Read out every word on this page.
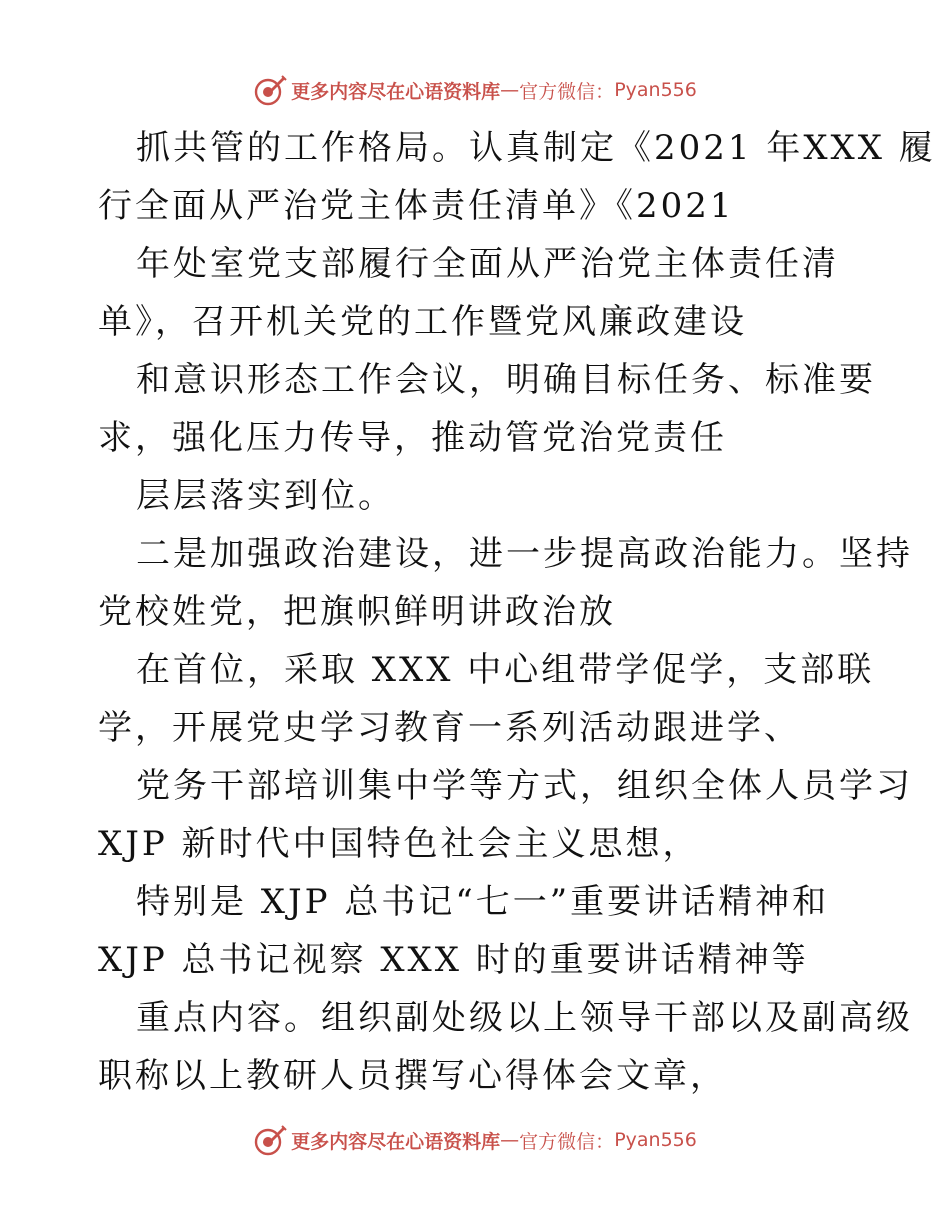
更多内容尽在心语资料库 — 官方微信： Pyan556
抓共管的工作格局。认真制定《2021 年XXX 履
行全面从严治党主体责任清单》《2021
年处室党支部履行全面从严治党主体责任清
单》，召开机关党的工作暨党风廉政建设
和意识形态工作会议，明确目标任务、标准要
求，强化压力传导，推动管党治党责任
层层落实到位。
二是加强政治建设，进一步提高政治能力。坚持
党校姓党，把旗帜鲜明讲政治放
在首位，采取 XXX 中心组带学促学，支部联
学，开展党史学习教育一系列活动跟进学、
党务干部培训集中学等方式，组织全体人员学习
XJP 新时代中国特色社会主义思想，
特别是 XJP 总书记“七一”重要讲话精神和
XJP 总书记视察 XXX 时的重要讲话精神等
重点内容。组织副处级以上领导干部以及副高级
职称以上教研人员撰写心得体会文章，
更多内容尽在心语资料库 — 官方微信： Pyan556
